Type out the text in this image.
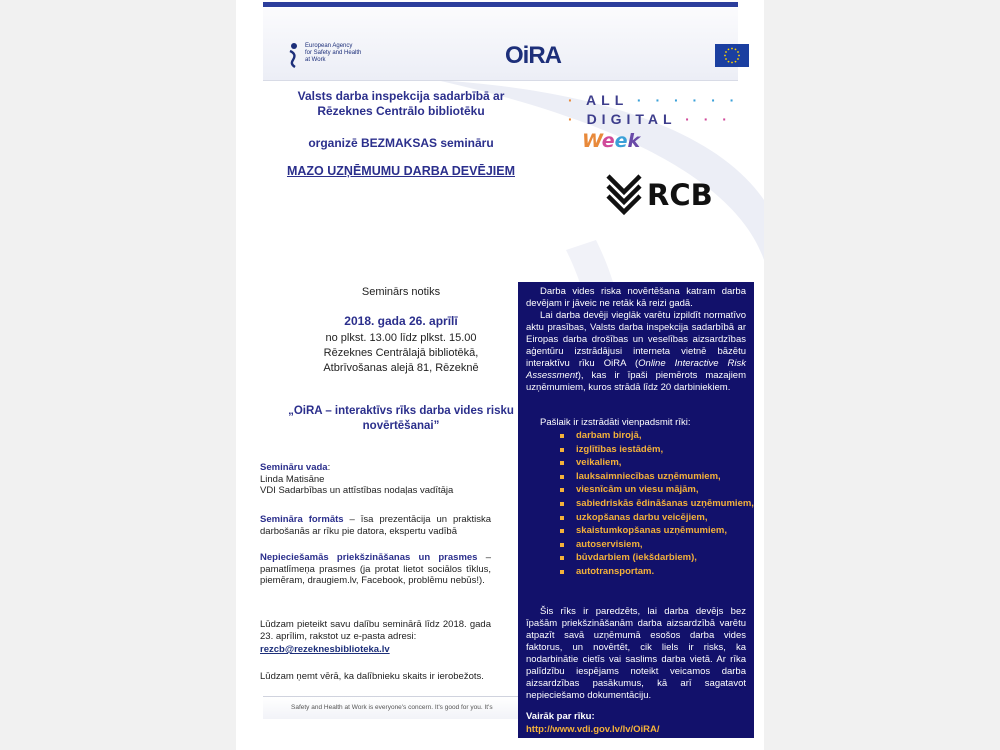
European Agency
for Safety and Health
at Work	OiRA
Valsts darba inspekcija sadarbībā ar
Rēzeknes Centrālo bibliotēku
organizē BEZMAKSAS semināru
MAZO UZŅĒMUMU DARBA DEVĒJIEM
· ALL · · · · · ·
· DIGITAL · · ·
Week
RCB
Seminārs notiks
2018. gada 26. aprīlī
no plkst. 13.00 līdz plkst. 15.00
Rēzeknes Centrālajā bibliotēkā,
Atbrīvošanas alejā 81, Rēzeknē
„OiRA – interaktīvs rīks darba vides risku novērtēšanai”
Semināru vada:
Linda Matisāne
VDI Sadarbības un attīstības nodaļas vadītāja
Semināra formāts – īsa prezentācija un praktiska darbošanās ar rīku pie datora, ekspertu vadībā
Nepieciešamās priekšzināšanas un prasmes – pamatlīmeņa prasmes (ja protat lietot sociālos tīklus, piemēram, draugiem.lv, Facebook, problēmu nebūs!).
Lūdzam pieteikt savu dalību seminārā līdz 2018. gada 23. aprīlim, rakstot uz e-pasta adresi:
rezcb@rezeknesbiblioteka.lv
Lūdzam ņemt vērā, ka dalībnieku skaits ir ierobežots.
Safety and Health at Work is everyone's concern. It's good for you. It's

Darba vides riska novērtēšana katram darba devējam ir jāveic ne retāk kā reizi gadā.

Lai darba devēji vieglāk varētu izpildīt normatīvo aktu prasības, Valsts darba inspekcija sadarbībā ar Eiropas darba drošības un veselības aizsardzības aģentūru izstrādājusi interneta vietnē bāzētu interaktīvu rīku OiRA (Online Interactive Risk Assessment), kas ir īpaši piemērots mazajiem uzņēmumiem, kuros strādā līdz 20 darbiniekiem.

Pašlaik ir izstrādāti vienpadsmit rīki:

darbam birojā,
izglītības iestādēm,
veikaliem,
lauksaimniecības uzņēmumiem,
viesnīcām un viesu mājām,
sabiedriskās ēdināšanas uzņēmumiem,
uzkopšanas darbu veicējiem,
skaistumkopšanas uzņēmumiem,
autoservisiem,
būvdarbiem (iekšdarbiem),
autotransportam.

Šis rīks ir paredzēts, lai darba devējs bez īpašām priekšzināšanām darba aizsardzībā varētu atpazīt savā uzņēmumā esošos darba vides faktorus, un novērtēt, cik liels ir risks, ka nodarbinātie cietīs vai saslims darba vietā. Ar rīka palīdzību iespējams noteikt veicamos darba aizsardzības pasākumus, kā arī sagatavot nepieciešamo dokumentāciju.

Vairāk par rīku:

http://www.vdi.gov.lv/lv/OiRA/
